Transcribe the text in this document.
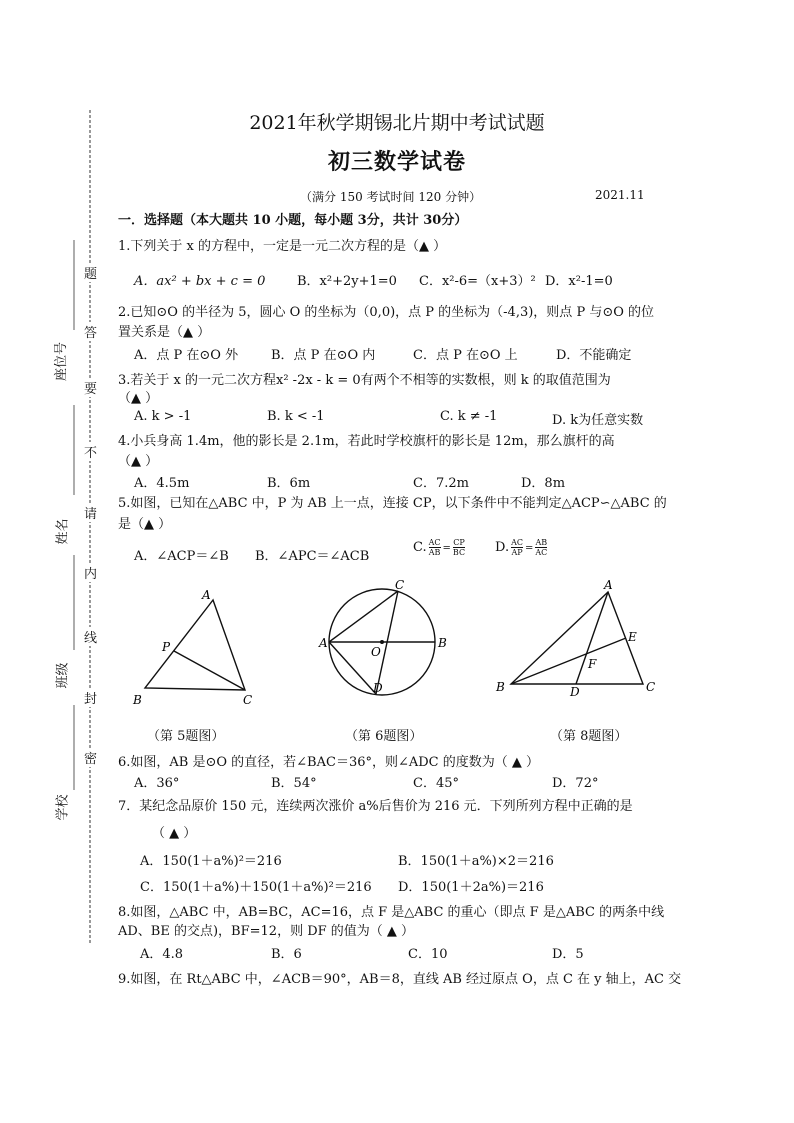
题
答
要
不
请
内
线
封
密
座位号
姓名
班级
学校
2021年秋学期锡北片期中考试试题
初三数学试卷
（满分 150 考试时间 120 分钟）	2021.11
一．选择题（本大题共 10 小题，每小题 3分，共计 30分）
1.下列关于 x 的方程中，一定是一元二次方程的是（▲ ）
A．ax² + bx + c = 0 B．x²+2y+1=0 C．x²-6=（x+3）² D．x²-1=0
2.已知⊙O 的半径为 5，圆心 O 的坐标为（0,0)，点 P 的坐标为（-4,3)，则点 P 与⊙O 的位
置关系是（▲ ）
A．点 P 在⊙O 外	B．点 P 在⊙O 内	C．点 P 在⊙O 上	D．不能确定
3.若关于 x 的一元二次方程x² -2x - k = 0有两个不相等的实数根，则 k 的取值范围为
（▲ ）
A. k > -1	B. k < -1	C. k ≠ -1	D. k为任意实数
4.小兵身高 1.4m，他的影长是 2.1m，若此时学校旗杆的影长是 12m，那么旗杆的高
（▲ ）
A．4.5m	B．6m	C．7.2m	D．8m
5.如图，已知在△ABC 中，P 为 AB 上一点，连接 CP，以下条件中不能判定△ACP∽△ABC 的
是（▲ ）
A．∠ACP＝∠B B．∠APC＝∠ACB
C. $\frac{AC}{AB} = \frac{CP}{BC} D$. $\frac{AC}{AP} = \frac{AB}{AC}$
A
P
B	C
（第 5题图）
C
A	B
O
D
（第 6题图）
A
E
F
B	D	C
（第 8题图）
6.如图，AB 是⊙O 的直径，若∠BAC＝36°，则∠ADC 的度数为（ ▲ ）
A．36°	B．54°	C．45°	D．72°
7．某纪念品原价 150 元，连续两次涨价 a%后售价为 216 元．下列所列方程中正确的是
（ ▲ ）
A．150(1＋a%)²＝216	B．150(1＋a%)×2＝216
C．150(1＋a%)＋150(1＋a%)²＝216 D．150(1＋2a%)＝216
8.如图，△ABC 中，AB=BC，AC=16，点 F 是△ABC 的重心（即点 F 是△ABC 的两条中线
AD、BE 的交点)，BF=12，则 DF 的值为（ ▲ ）
A．4.8	B．6	C．10	D．5
9.如图，在 Rt△ABC 中，∠ACB＝90°，AB＝8，直线 AB 经过原点 O，点 C 在 y 轴上，AC 交
